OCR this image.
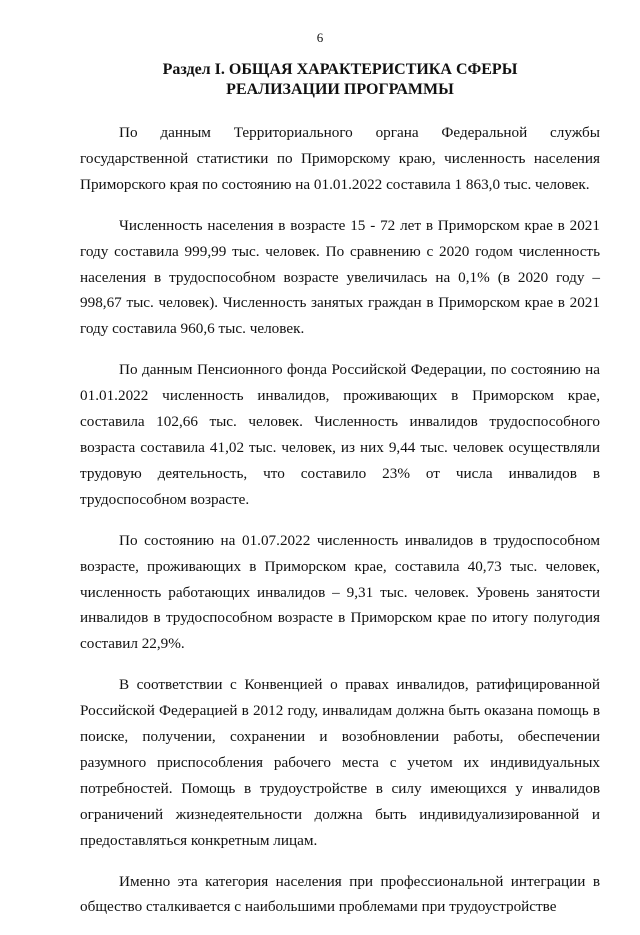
6
Раздел I. ОБЩАЯ ХАРАКТЕРИСТИКА СФЕРЫ
РЕАЛИЗАЦИИ ПРОГРАММЫ

По данным Территориального органа Федеральной службы государственной статистики по Приморскому краю, численность населения Приморского края по состоянию на 01.01.2022 составила 1 863,0 тыс. человек.

Численность населения в возрасте 15 - 72 лет в Приморском крае в 2021 году составила 999,99 тыс. человек. По сравнению с 2020 годом численность населения в трудоспособном возрасте увеличилась на 0,1% (в 2020 году – 998,67 тыс. человек). Численность занятых граждан в Приморском крае в 2021 году составила 960,6 тыс. человек.

По данным Пенсионного фонда Российской Федерации, по состоянию на 01.01.2022 численность инвалидов, проживающих в Приморском крае, составила 102,66 тыс. человек. Численность инвалидов трудоспособного возраста составила 41,02 тыс. человек, из них 9,44 тыс. человек осуществляли трудовую деятельность, что составило 23% от числа инвалидов в трудоспособном возрасте.

По состоянию на 01.07.2022 численность инвалидов в трудоспособном возрасте, проживающих в Приморском крае, составила 40,73 тыс. человек, численность работающих инвалидов – 9,31 тыс. человек. Уровень занятости инвалидов в трудоспособном возрасте в Приморском крае по итогу полугодия составил 22,9%.

В соответствии с Конвенцией о правах инвалидов, ратифицированной Российской Федерацией в 2012 году, инвалидам должна быть оказана помощь в поиске, получении, сохранении и возобновлении работы, обеспечении разумного приспособления рабочего места с учетом их индивидуальных потребностей. Помощь в трудоустройстве в силу имеющихся у инвалидов ограничений жизнедеятельности должна быть индивидуализированной и предоставляться конкретным лицам.

Именно эта категория населения при профессиональной интеграции в общество сталкивается с наибольшими проблемами при трудоустройстве
